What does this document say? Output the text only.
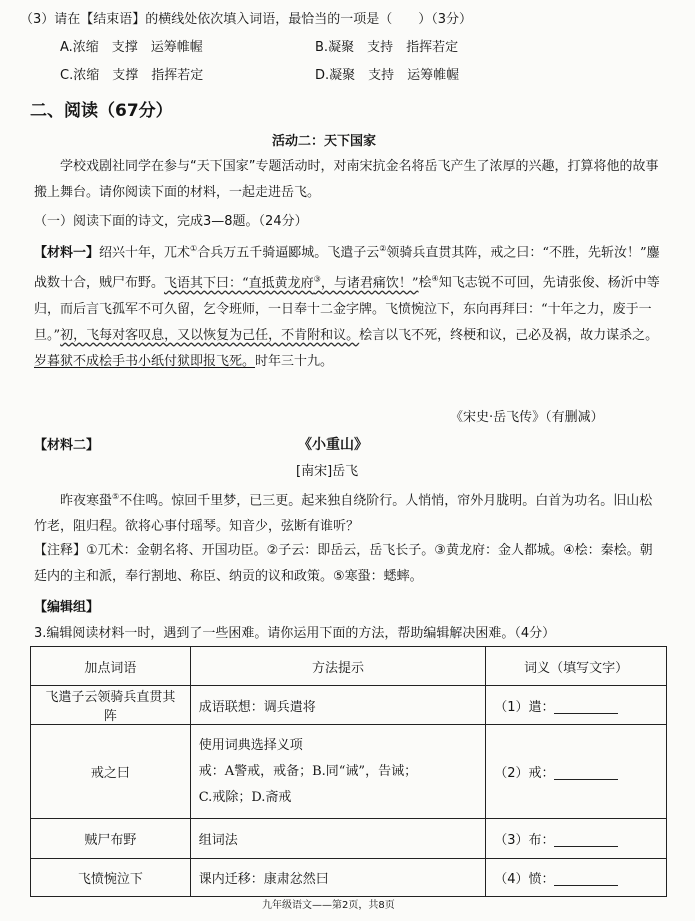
（3）请在【结束语】的横线处依次填入词语，最恰当的一项是（　　）（3分）
A.浓缩　支撑　运筹帷幄	B.凝聚　支持　指挥若定
C.浓缩　支撑　指挥若定	D.凝聚　支持　运筹帷幄
二、阅读（67分）
活动二：天下国家
学校戏剧社同学在参与“天下国家”专题活动时，对南宋抗金名将岳飞产生了浓厚的兴趣，打算将他的故事搬上舞台。请你阅读下面的材料，一起走进岳飞。
（一）阅读下面的诗文，完成3—8题。（24分）
【材料一】绍兴十年，兀术①合兵万五千骑逼郾城。飞遣子云②领骑兵直贯其阵，戒之曰：“不胜，先斩汝！”鏖战数十合，贼尸布野。飞语其下曰：“直抵黄龙府③，与诸君痛饮！”桧④知飞志锐不可回，先请张俊、杨沂中等归，而后言飞孤军不可久留，乞令班师，一日奉十二金字牌。飞愤惋泣下，东向再拜曰：“十年之力，废于一旦。”初，飞每对客叹息，又以恢复为己任，不肯附和议。桧言以飞不死，终梗和议，己必及祸，故力谋杀之。岁暮狱不成桧手书小纸付狱即报飞死。时年三十九。
《宋史·岳飞传》（有删减）
【材料二】	《小重山》
[南宋]岳飞
昨夜寒蛩⑤不住鸣。惊回千里梦，已三更。起来独自绕阶行。人悄悄，帘外月胧明。白首为功名。旧山松竹老，阻归程。欲将心事付瑶琴。知音少，弦断有谁听？
【注释】①兀术：金朝名将、开国功臣。②子云：即岳云，岳飞长子。③黄龙府：金人都城。④桧：秦桧。朝廷内的主和派，奉行割地、称臣、纳贡的议和政策。⑤寒蛩：蟋蟀。
【编辑组】
3.编辑阅读材料一时，遇到了一些困难。请你运用下面的方法，帮助编辑解决困难。（4分）
加点词语	方法提示	词义（填写文字）
飞遣子云领骑兵直贯其阵	成语联想：调兵遣将	（1）遣：
戒之曰	使用词典选择义项
戒：A警戒，戒备；B.同“诫”，告诫；
C.戒除；D.斋戒	（2）戒：
贼尸布野	组词法	（3）布：
飞愤惋泣下	课内迁移：康肃忿然曰	（4）愤：
九年级语文——第2页，共8页
